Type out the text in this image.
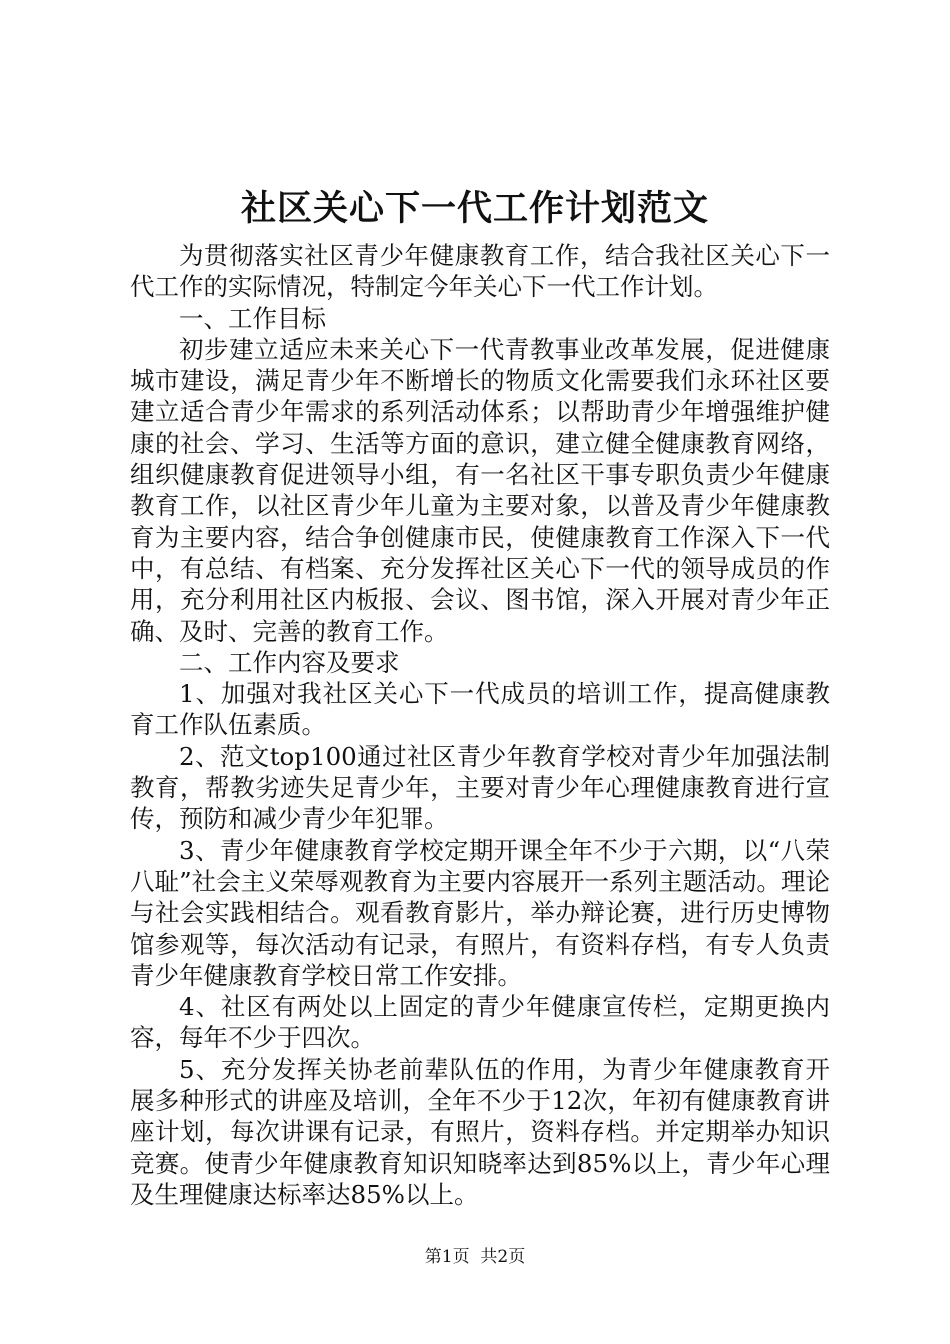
社区关心下一代工作计划范文

为贯彻落实社区青少年健康教育工作，结合我社区关心下一代工作的实际情况，特制定今年关心下一代工作计划。

一、工作目标

初步建立适应未来关心下一代青教事业改革发展，促进健康城市建设，满足青少年不断增长的物质文化需要我们永环社区要建立适合青少年需求的系列活动体系；以帮助青少年增强维护健康的社会、学习、生活等方面的意识，建立健全健康教育网络，组织健康教育促进领导小组，有一名社区干事专职负责少年健康教育工作，以社区青少年儿童为主要对象，以普及青少年健康教育为主要内容，结合争创健康市民，使健康教育工作深入下一代中，有总结、有档案、充分发挥社区关心下一代的领导成员的作用，充分利用社区内板报、会议、图书馆，深入开展对青少年正确、及时、完善的教育工作。

二、工作内容及要求

1、加强对我社区关心下一代成员的培训工作，提高健康教育工作队伍素质。

2、范文top100通过社区青少年教育学校对青少年加强法制教育，帮教劣迹失足青少年，主要对青少年心理健康教育进行宣传，预防和减少青少年犯罪。

3、青少年健康教育学校定期开课全年不少于六期，以“八荣八耻”社会主义荣辱观教育为主要内容展开一系列主题活动。理论与社会实践相结合。观看教育影片，举办辩论赛，进行历史博物馆参观等，每次活动有记录，有照片，有资料存档，有专人负责青少年健康教育学校日常工作安排。

4、社区有两处以上固定的青少年健康宣传栏，定期更换内容，每年不少于四次。

5、充分发挥关协老前辈队伍的作用，为青少年健康教育开展多种形式的讲座及培训，全年不少于12次，年初有健康教育讲座计划，每次讲课有记录，有照片，资料存档。并定期举办知识竞赛。使青少年健康教育知识知晓率达到85%以上，青少年心理及生理健康达标率达85%以上。

第1页  共2页
